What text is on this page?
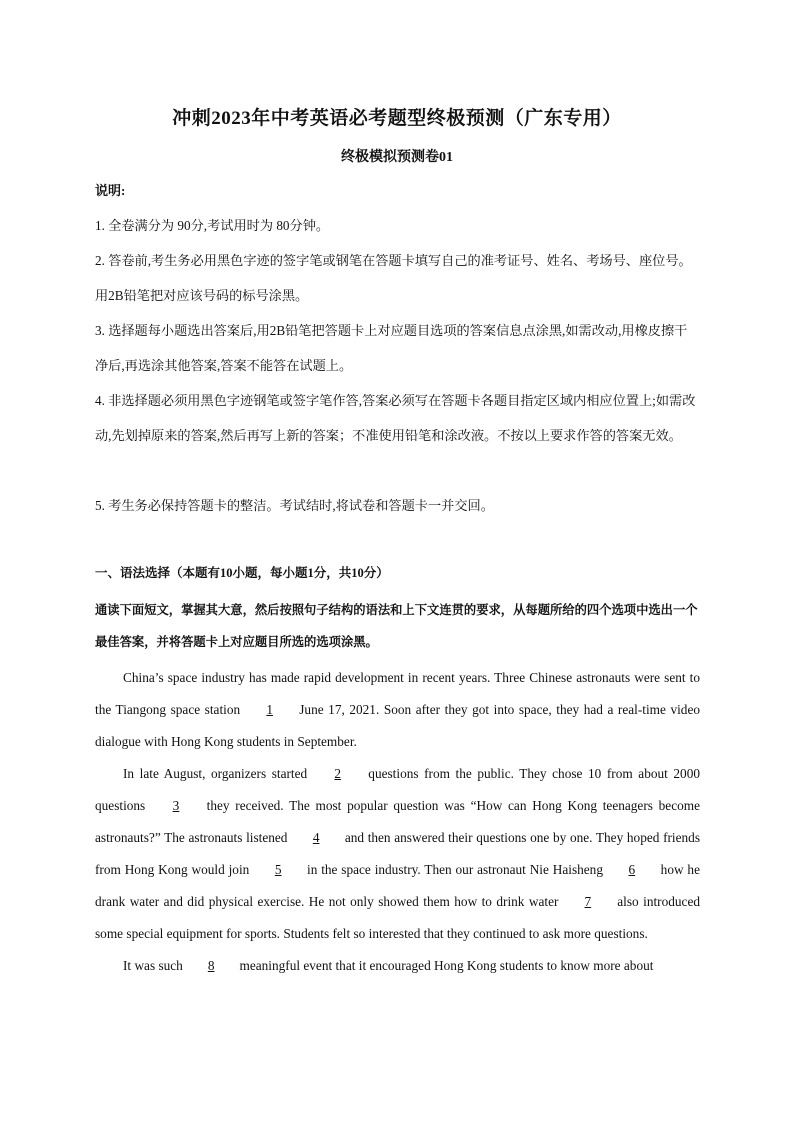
冲刺2023年中考英语必考题型终极预测（广东专用）
终极模拟预测卷01
说明:
1. 全卷满分为 90分,考试用时为 80分钟。
2. 答卷前,考生务必用黑色字迹的签字笔或钢笔在答题卡填写自己的准考证号、姓名、考场号、座位号。用2B铅笔把对应该号码的标号涂黑。
3. 选择题每小题选出答案后,用2B铅笔把答题卡上对应题目选项的答案信息点涂黑,如需改动,用橡皮擦干净后,再选涂其他答案,答案不能答在试题上。
4. 非选择题必须用黑色字迹钢笔或签字笔作答,答案必须写在答题卡各题目指定区域内相应位置上;如需改动,先划掉原来的答案,然后再写上新的答案；不准使用铅笔和涂改液。不按以上要求作答的答案无效。
5. 考生务必保持答题卡的整洁。考试结时,将试卷和答题卡一并交回。
一、语法选择（本题有10小题，每小题1分，共10分）
通读下面短文，掌握其大意，然后按照句子结构的语法和上下文连贯的要求，从每题所给的四个选项中选出一个最佳答案，并将答题卡上对应题目所选的选项涂黑。

China’s space industry has made rapid development in recent years. Three Chinese astronauts were sent to the Tiangong space station 1 June 17, 2021. Soon after they got into space, they had a real-time video dialogue with Hong Kong students in September.

In late August, organizers started 2 questions from the public. They chose 10 from about 2000 questions 3 they received. The most popular question was “How can Hong Kong teenagers become astronauts?” The astronauts listened 4 and then answered their questions one by one. They hoped friends from Hong Kong would join 5 in the space industry. Then our astronaut Nie Haisheng 6 how he drank water and did physical exercise. He not only showed them how to drink water 7 also introduced some special equipment for sports. Students felt so interested that they continued to ask more questions.

It was such 8 meaningful event that it encouraged Hong Kong students to know more about
